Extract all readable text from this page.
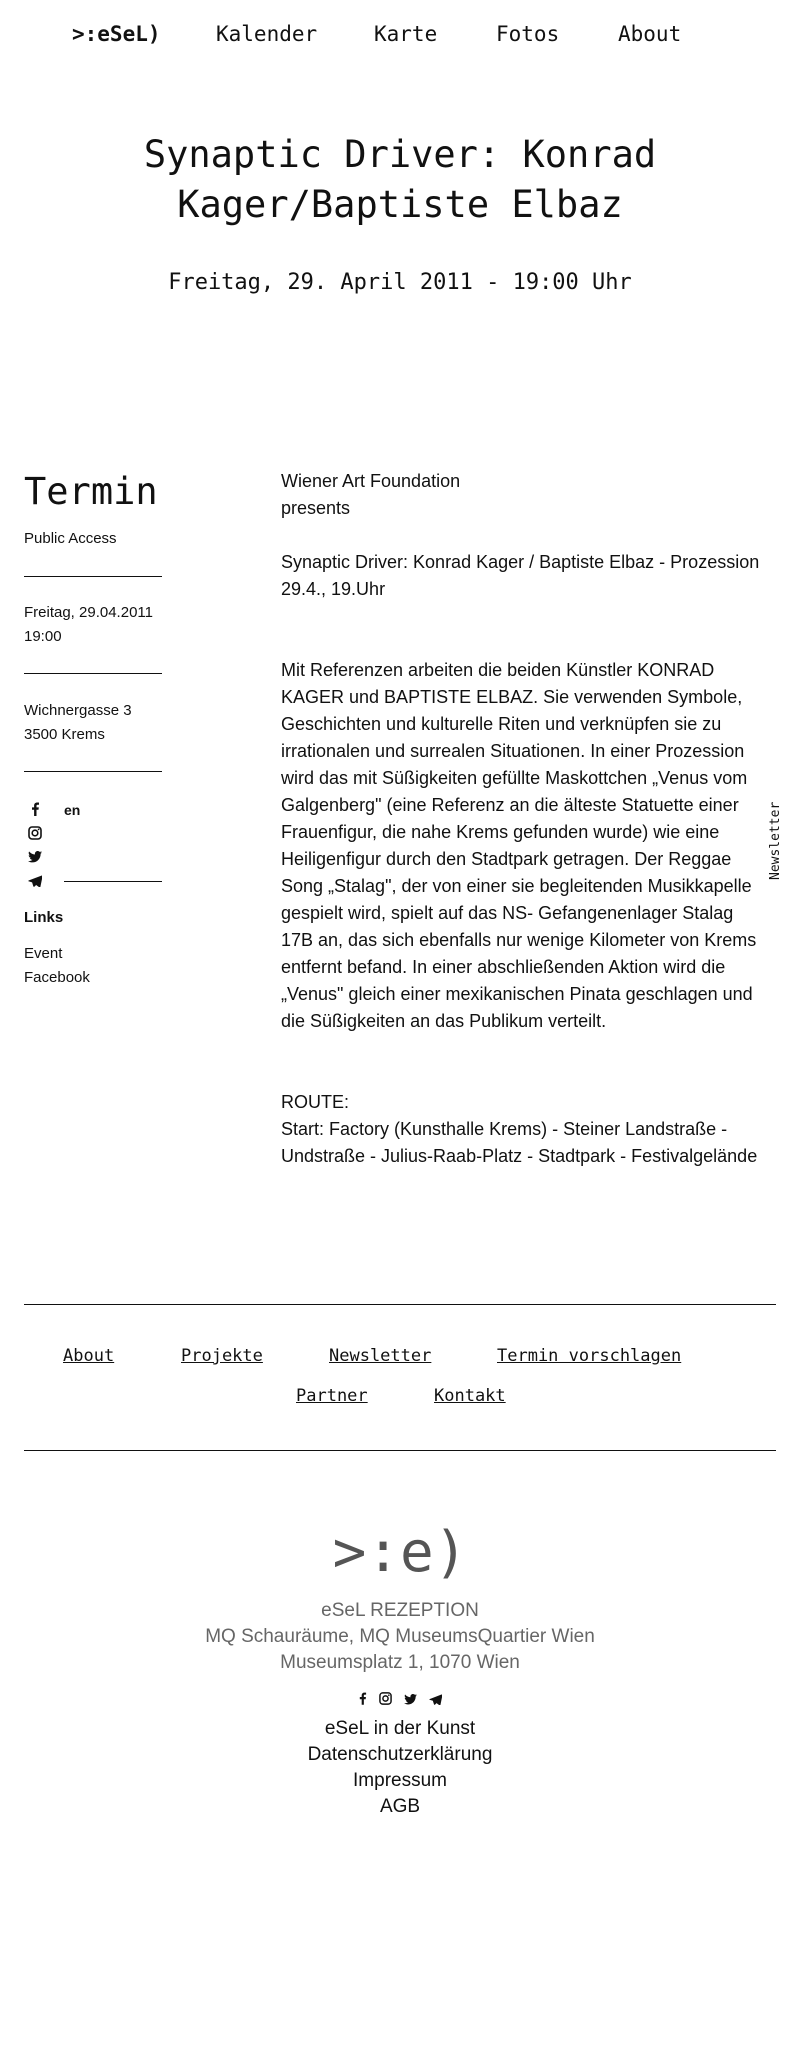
>:eSeL)	Kalender	Karte	Fotos	About
Synaptic Driver: Konrad Kager/Baptiste Elbaz
Freitag, 29. April 2011 - 19:00 Uhr
Termin
Public Access
Freitag, 29.04.2011
19:00
Wichnergasse 3
3500 Krems
en
Links
Event
Facebook

Wiener Art Foundation

presents

Synaptic Driver: Konrad Kager / Baptiste Elbaz - Prozession

29.4., 19.Uhr

Mit Referenzen arbeiten die beiden Künstler KONRAD

KAGER und BAPTISTE ELBAZ. Sie verwenden Symbole,

Geschichten und kulturelle Riten und verknüpfen sie zu

irrationalen und surrealen Situationen. In einer Prozession

wird das mit Süßigkeiten gefüllte Maskottchen „Venus vom

Galgenberg" (eine Referenz an die älteste Statuette einer

Frauenfigur, die nahe Krems gefunden wurde) wie eine

Heiligenfigur durch den Stadtpark getragen. Der Reggae

Song „Stalag", der von einer sie begleitenden Musikkapelle

gespielt wird, spielt auf das NS- Gefangenenlager Stalag

17B an, das sich ebenfalls nur wenige Kilometer von Krems

entfernt befand. In einer abschließenden Aktion wird die

„Venus" gleich einer mexikanischen Pinata geschlagen und

die Süßigkeiten an das Publikum verteilt.

ROUTE:

Start: Factory (Kunsthalle Krems) - Steiner Landstraße -

Undstraße - Julius-Raab-Platz - Stadtpark - Festivalgelände

Newsletter
About	Projekte	Newsletter	Termin vorschlagen
Partner	Kontakt
>:e)
eSeL REZEPTION
MQ Schauräume, MQ MuseumsQuartier Wien
Museumsplatz 1, 1070 Wien

eSeL in der Kunst
Datenschutzerklärung
Impressum
AGB
